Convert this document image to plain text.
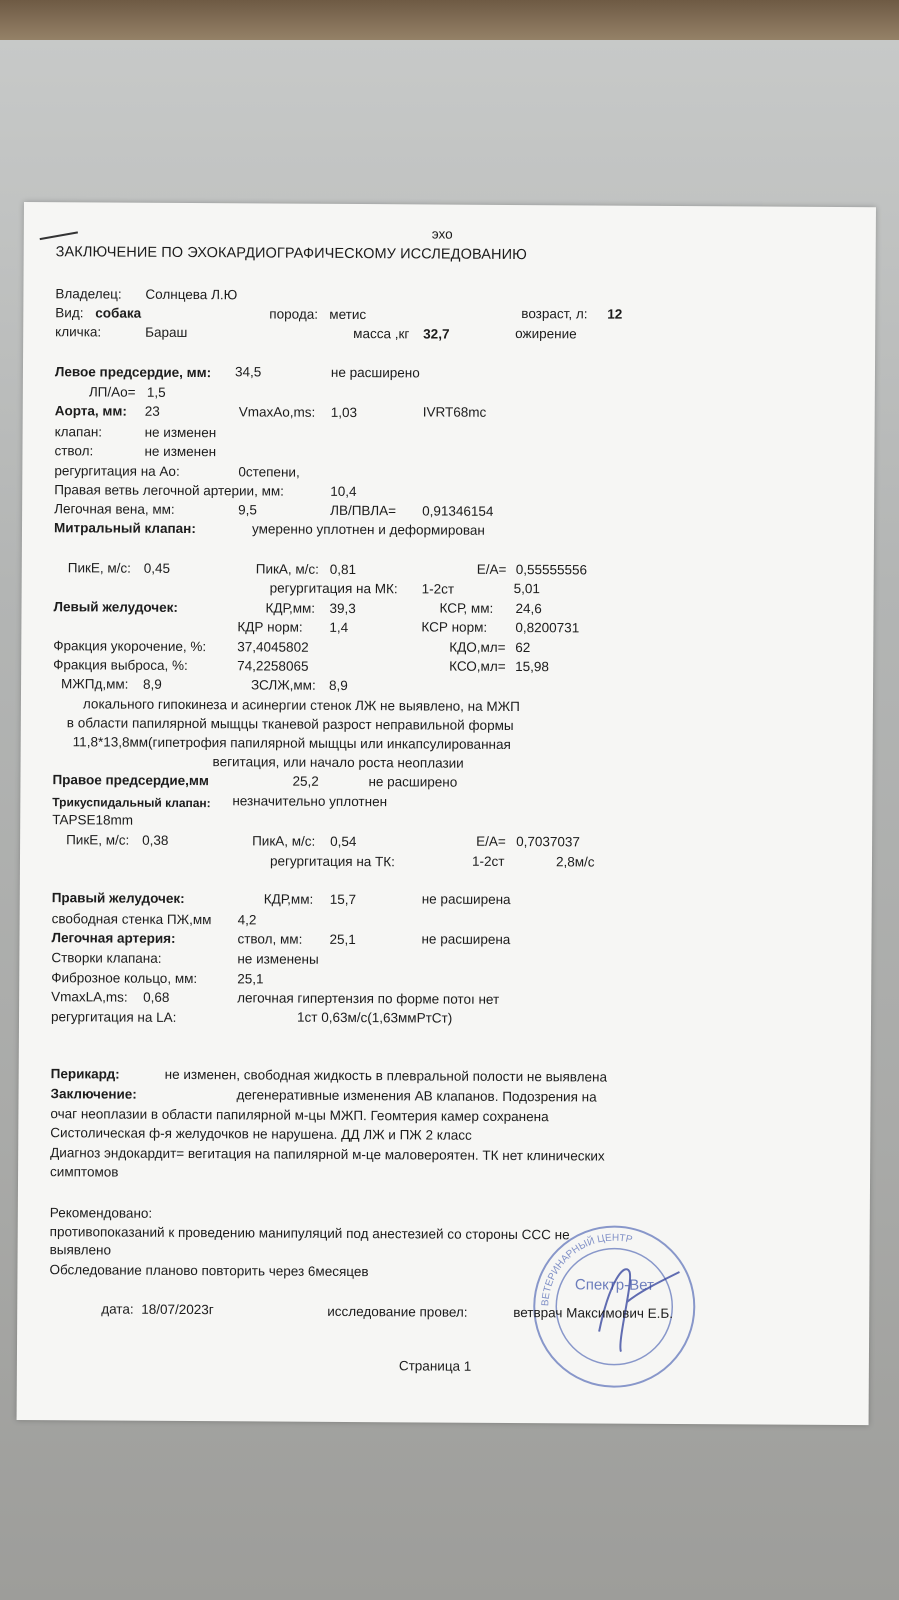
эхо
ЗАКЛЮЧЕНИЕ ПО ЭХОКАРДИОГРАФИЧЕСКОМУ ИССЛЕДОВАНИЮ
Владелец: Солнцева Л.Ю
Вид: собака	порода: метис	возраст, л: 12
кличка:	Бараш	масса ,кг 32,7	ожирение
Левое предсердие, мм: 34,5	не расширено
ЛП/Ао= 1,5
Аорта, мм: 23	VmaxAo,ms: 1,03	IVRT68mc
клапан:	не изменен
ствол:	не изменен
регургитация на Ао:	0степени,
Правая ветвь легочной артерии, мм:	10,4
Легочная вена, мм:	9,5	ЛВ/ПВЛА= 0,91346154
Митральный клапан:	умеренно уплотнен и деформирован
ПикЕ, м/с: 0,45	ПикА, м/с: 0,81	Е/А= 0,55555556
регургитация на МК: 1-2ст	5,01
Левый желудочек:	КДР,мм: 39,3	КСР, мм: 24,6
КДР норм: 1,4	КСР норм: 0,8200731
Фракция укорочение, %: 37,4045802	КДО,мл= 62
Фракция выброса, %:	74,2258065	КСО,мл= 15,98
МЖПд,мм: 8,9	ЗСЛЖ,мм: 8,9
локального гипокинеза и асинергии стенок ЛЖ не выявлено, на МЖП
в области папилярной мыщцы тканевой разрост неправильной формы
11,8*13,8мм(гипетрофия папилярной мыщцы или инкапсулированная
вегитация, или начало роста неоплазии
Правое предсердие,мм	25,2	не расширено
Трикуспидальный клапан: незначительно уплотнен
TAPSE18mm
ПикЕ, м/с: 0,38	ПикА, м/с: 0,54	Е/А= 0,7037037
регургитация на ТК:	1-2ст	2,8м/с
Правый желудочек:	КДР,мм: 15,7	не расширена
свободная стенка ПЖ,мм 4,2
Легочная артерия:	ствол, мм: 25,1	не расширена
Створки клапана:	не изменены
Фиброзное кольцо, мм:	25,1
VmaxLA,ms: 0,68	легочная гипертензия по форме потоı нет
регургитация на LA:	1ст 0,63м/с(1,63ммРтСт)
Перикард:	не изменен, свободная жидкость в плевральной полости не выявлена
Заключение:	дегенеративные изменения АВ клапанов. Подозрения на
очаг неоплазии в области папилярной м-цы МЖП. Геомтерия камер сохранена
Систолическая ф-я желудочков не нарушена. ДД ЛЖ и ПЖ 2 класс
Диагноз эндокардит= вегитация на папилярной м-це маловероятен. ТК нет клинических
симптомов
Рекомендовано:
противопоказаний к проведению манипуляций под анестезией со стороны ССС не
выявлено
Обследование планово повторить через 6месяцев
ВЕТЕРИНАРНЫЙ ЦЕНТР
Спектр-Вет
дата: 18/07/2023г	исследование провел:	ветврач Максимович Е.Б.
Страница 1
